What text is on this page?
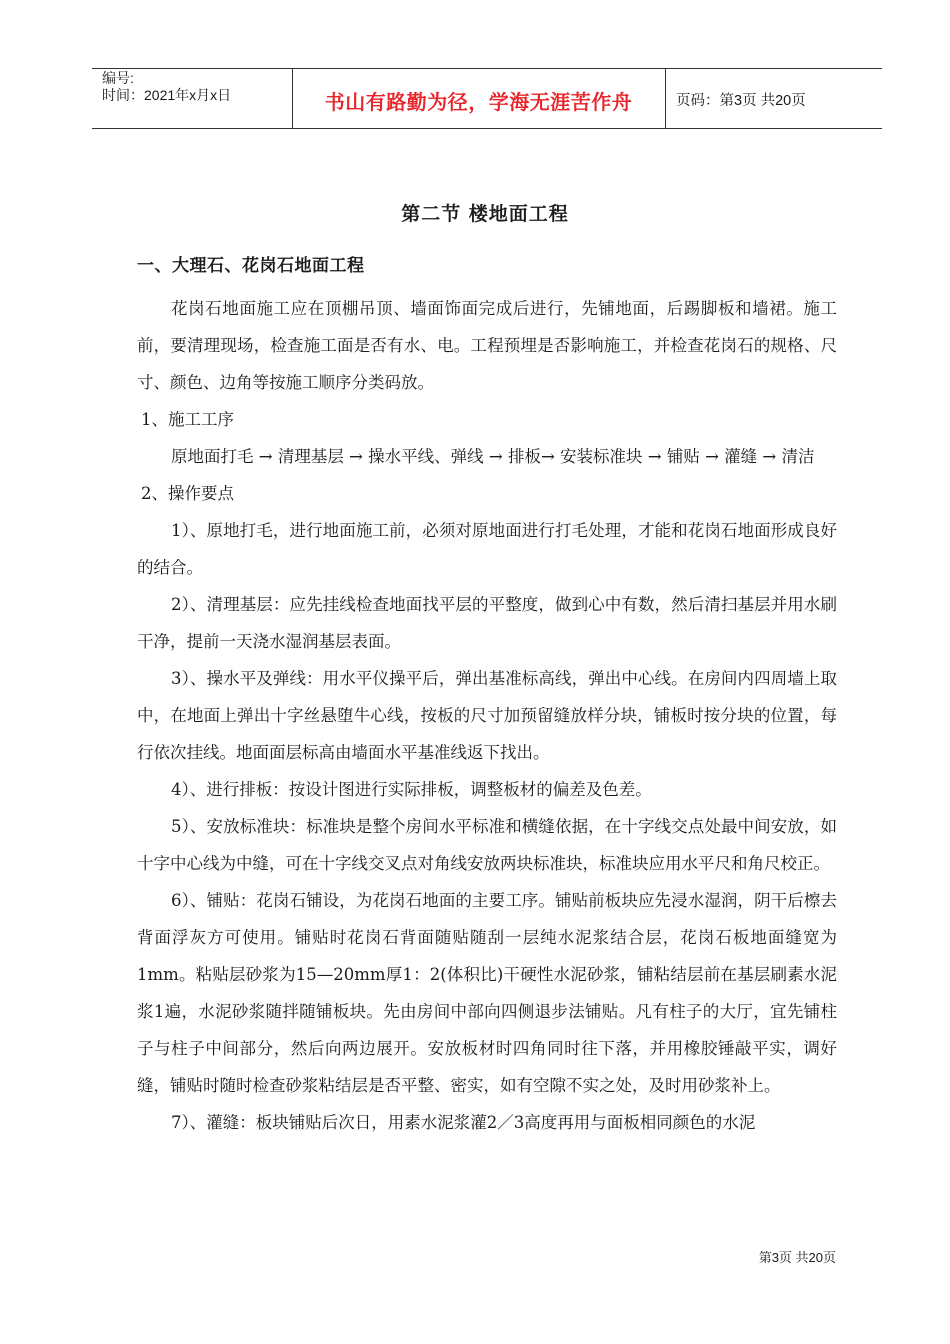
编号:
时间：2021年x月x日	书山有路勤为径，学海无涯苦作舟	页码：第3页 共20页
第二节 楼地面工程
一、大理石、花岗石地面工程

花岗石地面施工应在顶棚吊顶、墙面饰面完成后进行，先铺地面，后踢脚板和墙裙。施工前，要清理现场，检查施工面是否有水、电。工程预埋是否影响施工，并检查花岗石的规格、尺寸、颜色、边角等按施工顺序分类码放。

1、施工工序

原地面打毛 → 清理基层 → 操水平线、弹线 → 排板→ 安装标准块 → 铺贴 → 灌缝 → 清洁

2、操作要点

1）、原地打毛，进行地面施工前，必须对原地面进行打毛处理，才能和花岗石地面形成良好的结合。

2）、清理基层：应先挂线检查地面找平层的平整度，做到心中有数，然后清扫基层并用水刷干净，提前一天浇水湿润基层表面。

3）、操水平及弹线：用水平仪操平后，弹出基准标高线，弹出中心线。在房间内四周墙上取中，在地面上弹出十字丝悬堕牛心线，按板的尺寸加预留缝放样分块，铺板时按分块的位置，每行依次挂线。地面面层标高由墙面水平基准线返下找出。

4）、进行排板：按设计图进行实际排板，调整板材的偏差及色差。

5）、安放标准块：标准块是整个房间水平标准和横缝依据，在十字线交点处最中间安放，如十字中心线为中缝，可在十字线交叉点对角线安放两块标准块，标准块应用水平尺和角尺校正。

6）、铺贴：花岗石铺设，为花岗石地面的主要工序。铺贴前板块应先浸水湿润，阴干后檫去背面浮灰方可使用。铺贴时花岗石背面随贴随刮一层纯水泥浆结合层，花岗石板地面缝宽为1mm。粘贴层砂浆为15—20mm厚1：2(体积比)干硬性水泥砂浆，铺粘结层前在基层刷素水泥浆1遍，水泥砂浆随拌随铺板块。先由房间中部向四侧退步法铺贴。凡有柱子的大厅，宜先铺柱子与柱子中间部分，然后向两边展开。安放板材时四角同时往下落，并用橡胶锤敲平实，调好缝，铺贴时随时检查砂浆粘结层是否平整、密实，如有空隙不实之处，及时用砂浆补上。

7）、灌缝：板块铺贴后次日，用素水泥浆灌2／3高度再用与面板相同颜色的水泥

第3页 共20页
